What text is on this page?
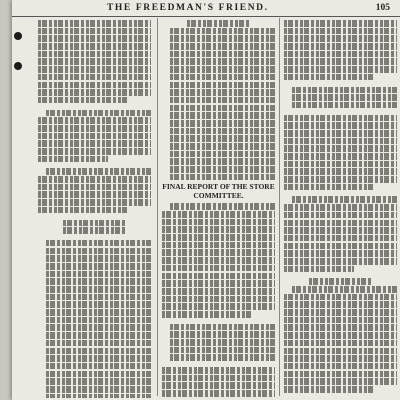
THE FREEDMAN'S FRIEND.	105
FINAL REPORT OF THE STORE COMMITTEE.
